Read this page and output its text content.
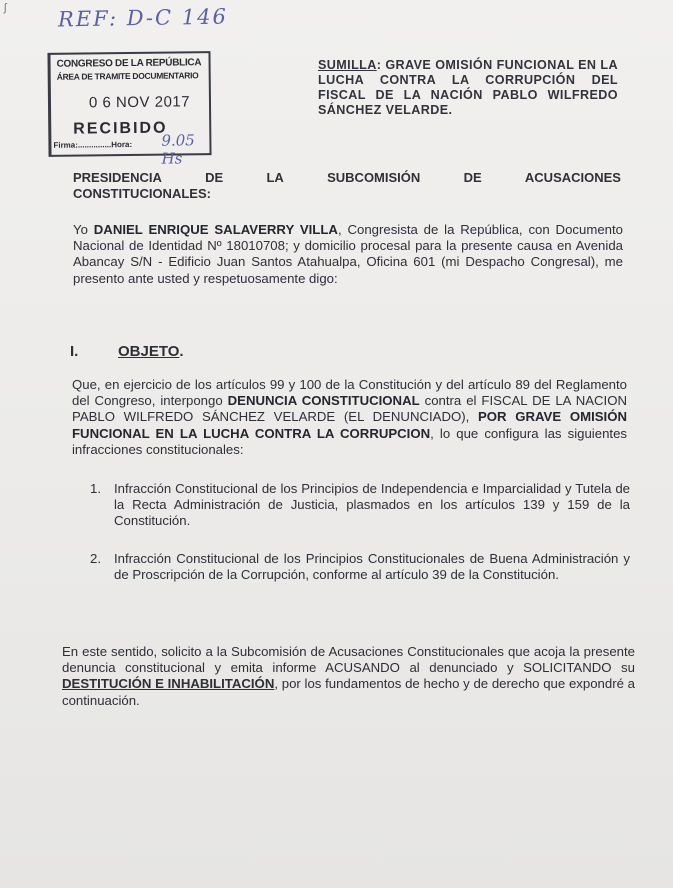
ʃ REF: D-C 146
CONGRESO DE LA REPÚBLICA
ÁREA DE TRAMITE DOCUMENTARIO
0 6 NOV 2017
RECIBIDO
Firma:...............Hora: 9.05 Hs
SUMILLA: GRAVE OMISIÓN FUNCIONAL EN LA LUCHA CONTRA LA CORRUPCIÓN DEL FISCAL DE LA NACIÓN PABLO WILFREDO SÁNCHEZ VELARDE.
PRESIDENCIA	DE	LA	SUBCOMISIÓN	DE	ACUSACIONES
CONSTITUCIONALES:
Yo DANIEL ENRIQUE SALAVERRY VILLA, Congresista de la República, con Documento Nacional de Identidad Nº 18010708; y domicilio procesal para la presente causa en Avenida Abancay S/N - Edificio Juan Santos Atahualpa, Oficina 601 (mi Despacho Congresal), me presento ante usted y respetuosamente digo:
I.	OBJETO.
Que, en ejercicio de los artículos 99 y 100 de la Constitución y del artículo 89 del Reglamento del Congreso, interpongo DENUNCIA CONSTITUCIONAL contra el FISCAL DE LA NACION PABLO WILFREDO SÁNCHEZ VELARDE (EL DENUNCIADO), POR GRAVE OMISIÓN FUNCIONAL EN LA LUCHA CONTRA LA CORRUPCION, lo que configura las siguientes infracciones constitucionales:
1. Infracción Constitucional de los Principios de Independencia e Imparcialidad y Tutela de la Recta Administración de Justicia, plasmados en los artículos 139 y 159 de la Constitución.
2. Infracción Constitucional de los Principios Constitucionales de Buena Administración y de Proscripción de la Corrupción, conforme al artículo 39 de la Constitución.
En este sentido, solicito a la Subcomisión de Acusaciones Constitucionales que acoja la presente denuncia constitucional y emita informe ACUSANDO al denunciado y SOLICITANDO su DESTITUCIÓN E INHABILITACIÓN, por los fundamentos de hecho y de derecho que expondré a continuación.
